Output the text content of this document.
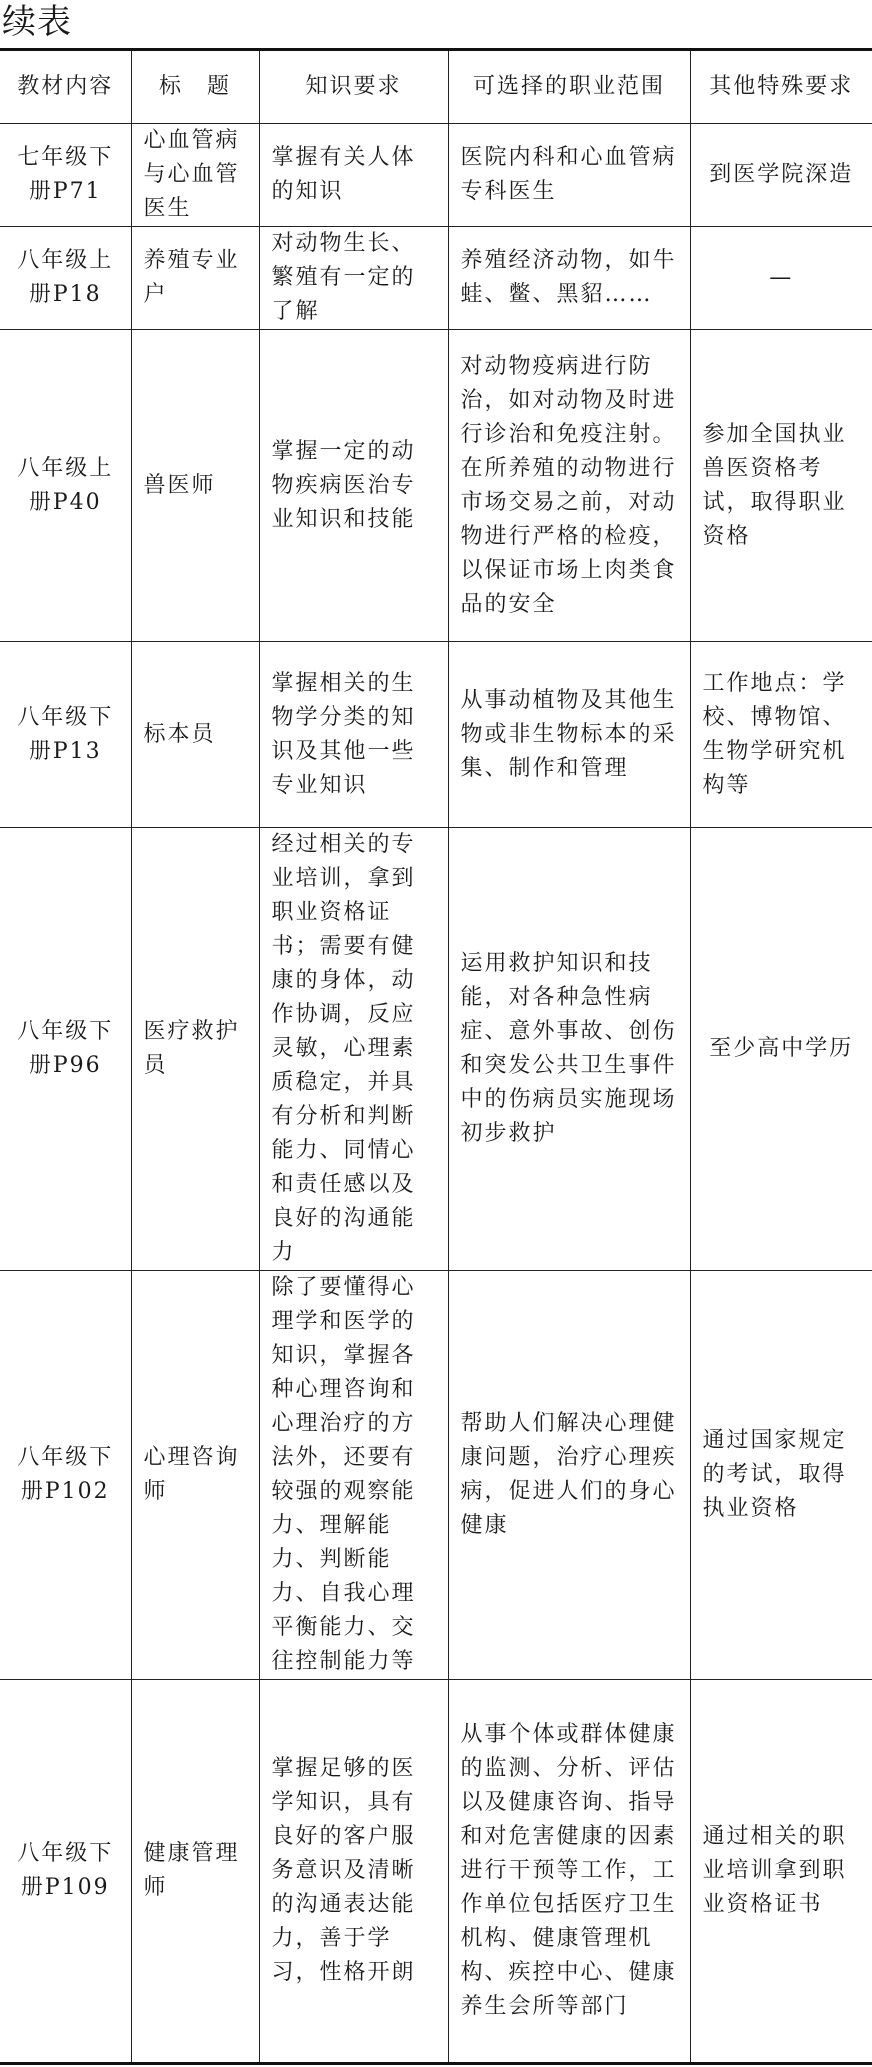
续表
教材内容	标　题	知识要求	可选择的职业范围	其他特殊要求
七年级下册P71	心血管病与心血管医生	掌握有关人体的知识	医院内科和心血管病专科医生	到医学院深造
八年级上册P18	养殖专业户	对动物生长、繁殖有一定的了解	养殖经济动物，如牛蛙、鳖、黑貂……	—
八年级上册P40	兽医师	掌握一定的动物疾病医治专业知识和技能	对动物疫病进行防治，如对动物及时进行诊治和免疫注射。在所养殖的动物进行市场交易之前，对动物进行严格的检疫，以保证市场上肉类食品的安全	参加全国执业兽医资格考试，取得职业资格
八年级下册P13	标本员	掌握相关的生物学分类的知识及其他一些专业知识	从事动植物及其他生物或非生物标本的采集、制作和管理	工作地点：学校、博物馆、生物学研究机构等
八年级下册P96	医疗救护员	经过相关的专业培训，拿到职业资格证书；需要有健康的身体，动作协调，反应灵敏，心理素质稳定，并具有分析和判断能力、同情心和责任感以及良好的沟通能力	运用救护知识和技能，对各种急性病症、意外事故、创伤和突发公共卫生事件中的伤病员实施现场初步救护	至少高中学历
八年级下册P102	心理咨询师	除了要懂得心理学和医学的知识，掌握各种心理咨询和心理治疗的方法外，还要有较强的观察能力、理解能力、判断能力、自我心理平衡能力、交往控制能力等	帮助人们解决心理健康问题，治疗心理疾病，促进人们的身心健康	通过国家规定的考试，取得执业资格
八年级下册P109	健康管理师	掌握足够的医学知识，具有良好的客户服务意识及清晰的沟通表达能力，善于学习，性格开朗	从事个体或群体健康的监测、分析、评估以及健康咨询、指导和对危害健康的因素进行干预等工作，工作单位包括医疗卫生机构、健康管理机构、疾控中心、健康养生会所等部门	通过相关的职业培训拿到职业资格证书
